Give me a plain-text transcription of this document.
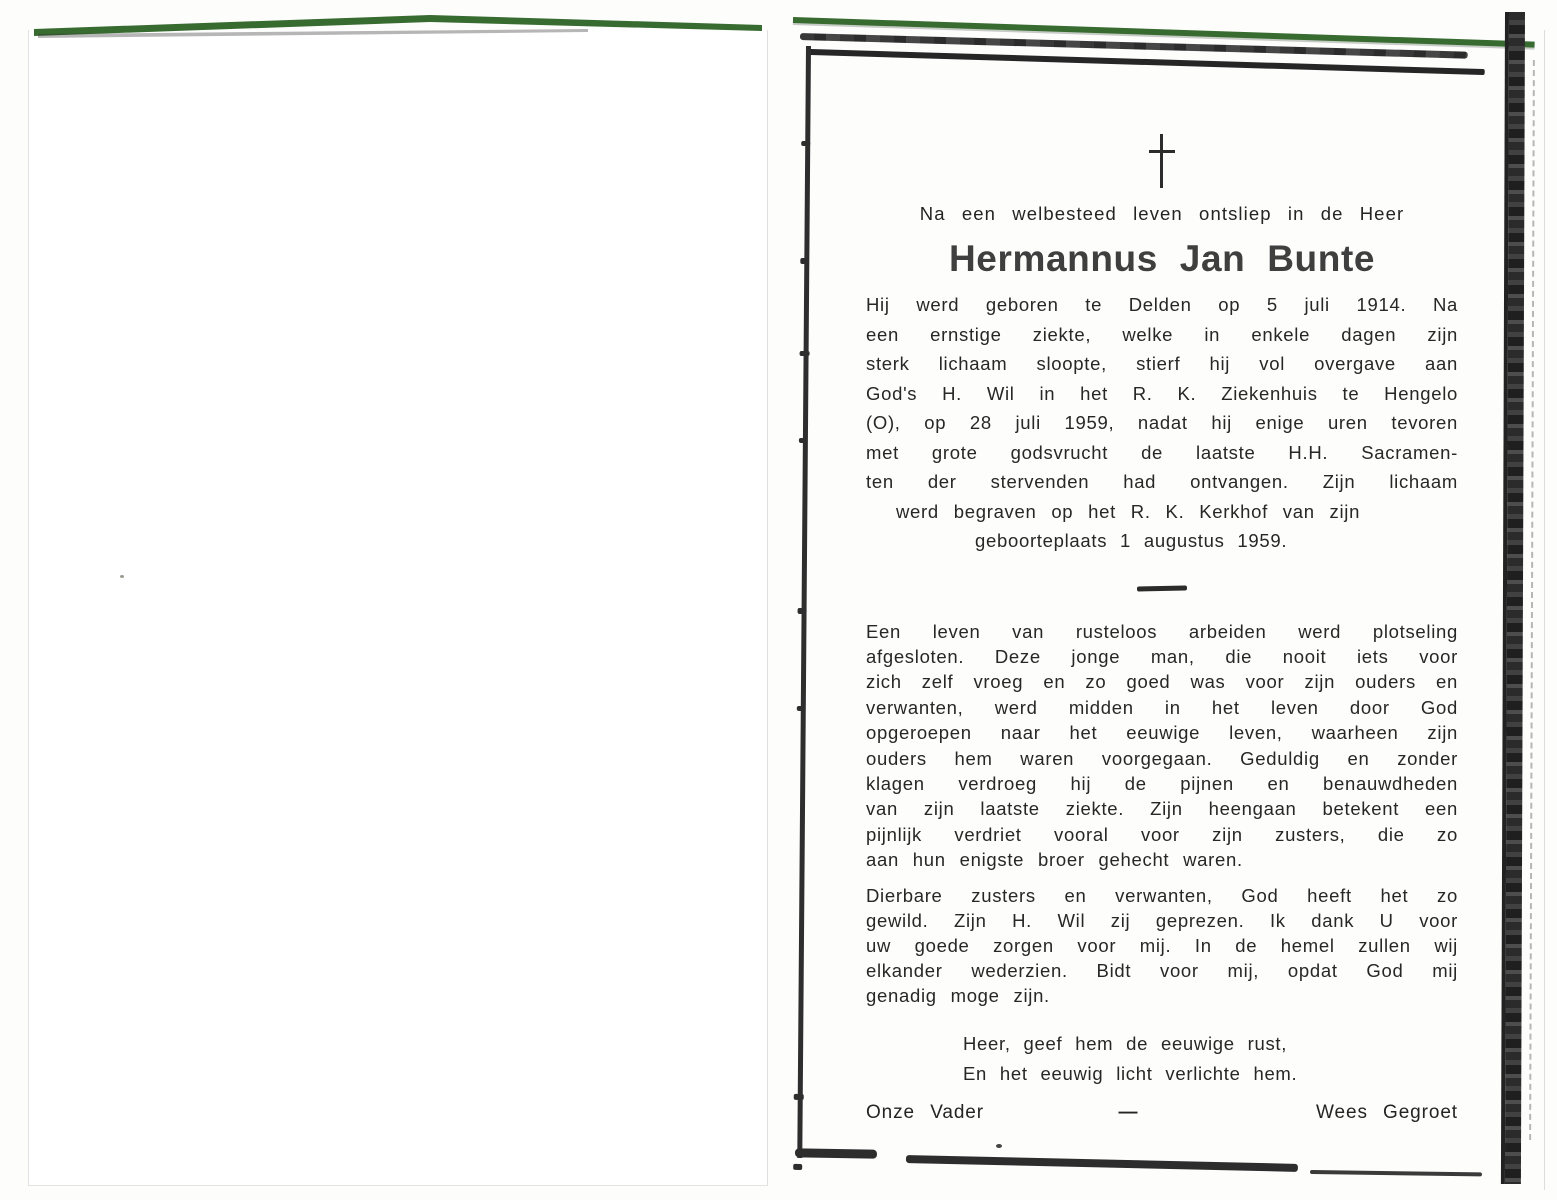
Na een welbesteed leven ontsliep in de Heer
Hermannus Jan Bunte
Hij werd geboren te Delden op 5 juli 1914. Na
een ernstige ziekte, welke in enkele dagen zijn
sterk lichaam sloopte, stierf hij vol overgave aan
God's H. Wil in het R. K. Ziekenhuis te Hengelo
(O), op 28 juli 1959, nadat hij enige uren tevoren
met grote godsvrucht de laatste H.H. Sacramen-
ten der stervenden had ontvangen. Zijn lichaam
werd begraven op het R. K. Kerkhof van zijn
geboorteplaats 1 augustus 1959.
Een leven van rusteloos arbeiden werd plotseling
afgesloten. Deze jonge man, die nooit iets voor
zich zelf vroeg en zo goed was voor zijn ouders en
verwanten, werd midden in het leven door God
opgeroepen naar het eeuwige leven, waarheen zijn
ouders hem waren voorgegaan. Geduldig en zonder
klagen verdroeg hij de pijnen en benauwdheden
van zijn laatste ziekte. Zijn heengaan betekent een
pijnlijk verdriet vooral voor zijn zusters, die zo
aan hun enigste broer gehecht waren.
Dierbare zusters en verwanten, God heeft het zo
gewild. Zijn H. Wil zij geprezen. Ik dank U voor
uw goede zorgen voor mij. In de hemel zullen wij
elkander wederzien. Bidt voor mij, opdat God mij
genadig moge zijn.
Heer, geef hem de eeuwige rust,
En het eeuwig licht verlichte hem.
Onze Vader	—	Wees Gegroet
